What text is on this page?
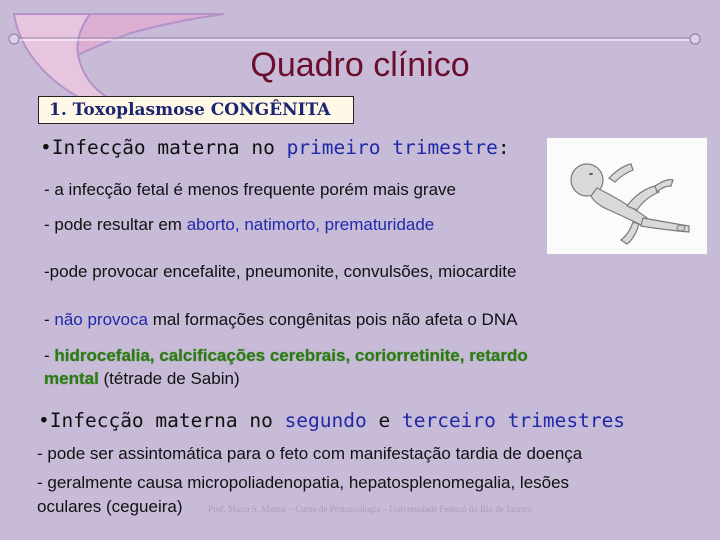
Quadro clínico
1. Toxoplasmose CONGÊNITA
•Infecção materna no primeiro trimestre:
- a infecção fetal é menos frequente porém mais grave
- pode resultar em aborto, natimorto, prematuridade
-pode provocar encefalite, pneumonite, convulsões, miocardite
- não provoca mal formações congênitas pois não afeta o DNA
- hidrocefalia, calcificações cerebrais, coriorretinite, retardo
mental (tétrade de Sabin)
•Infecção materna no segundo e terceiro trimestres
- pode ser assintomática para o feto com manifestação tardia de doença
- geralmente causa micropoliadenopatia, hepatosplenomegalia, lesões
oculares (cegueira)	Prof. Maria S. Mattos – Curso de Protozoologia – Universidade Federal do Rio de Janeiro
